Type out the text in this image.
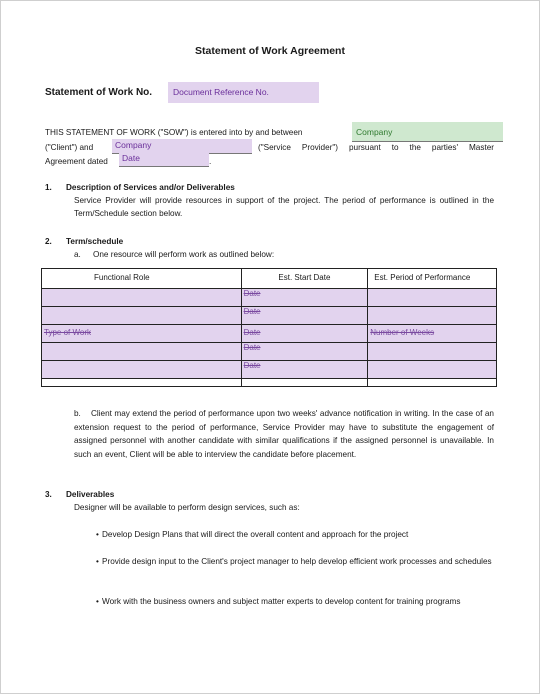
Statement of Work Agreement
Statement of Work No.	Document Reference No.
THIS STATEMENT OF WORK ("SOW") is entered into by and between	Company
("Client") and	Company	("Service Provider") pursuant to the parties' Master
Agreement dated	Date	.
1. Description of Services and/or Deliverables
Service Provider will provide resources in support of the project. The period of performance is outlined in the Term/Schedule section below.
2. Term/schedule
a. One resource will perform work as outlined below:
Functional Role	Est. Start Date	Est. Period of Performance
	Date	
	Date	
Type of Work	Date	Number of Weeks
	Date	
	Date	

b. Client may extend the period of performance upon two weeks' advance notification in writing. In the case of an extension request to the period of performance, Service Provider may have to substitute the engagement of assigned personnel with another candidate with similar qualifications if the assigned personnel is unavailable. In such an event, Client will be able to interview the candidate before placement.
3. Deliverables
Designer will be available to perform design services, such as:
• Develop Design Plans that will direct the overall content and approach for the project
• Provide design input to the Client's project manager to help develop efficient work processes and schedules
• Work with the business owners and subject matter experts to develop content for training programs
